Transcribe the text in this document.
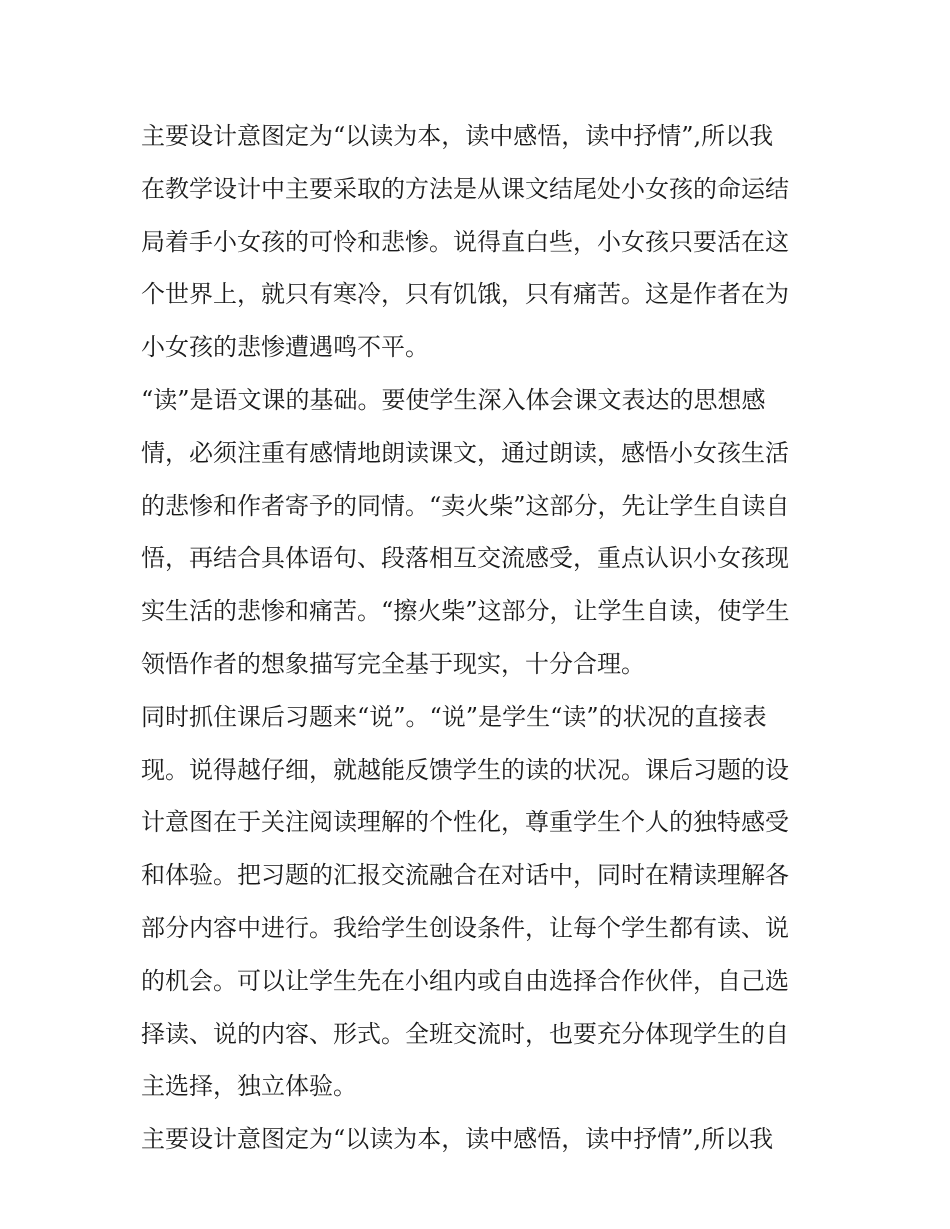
主要设计意图定为“以读为本，读中感悟，读中抒情”,所以我
在教学设计中主要采取的方法是从课文结尾处小女孩的命运结
局着手小女孩的可怜和悲惨。说得直白些，小女孩只要活在这
个世界上，就只有寒冷，只有饥饿，只有痛苦。这是作者在为
小女孩的悲惨遭遇鸣不平。
“读”是语文课的基础。要使学生深入体会课文表达的思想感
情，必须注重有感情地朗读课文，通过朗读，感悟小女孩生活
的悲惨和作者寄予的同情。“卖火柴”这部分，先让学生自读自
悟，再结合具体语句、段落相互交流感受，重点认识小女孩现
实生活的悲惨和痛苦。“擦火柴”这部分，让学生自读，使学生
领悟作者的想象描写完全基于现实，十分合理。
同时抓住课后习题来“说”。“说”是学生“读”的状况的直接表
现。说得越仔细，就越能反馈学生的读的状况。课后习题的设
计意图在于关注阅读理解的个性化，尊重学生个人的独特感受
和体验。把习题的汇报交流融合在对话中，同时在精读理解各
部分内容中进行。我给学生创设条件，让每个学生都有读、说
的机会。可以让学生先在小组内或自由选择合作伙伴，自己选
择读、说的内容、形式。全班交流时，也要充分体现学生的自
主选择，独立体验。
主要设计意图定为“以读为本，读中感悟，读中抒情”,所以我
